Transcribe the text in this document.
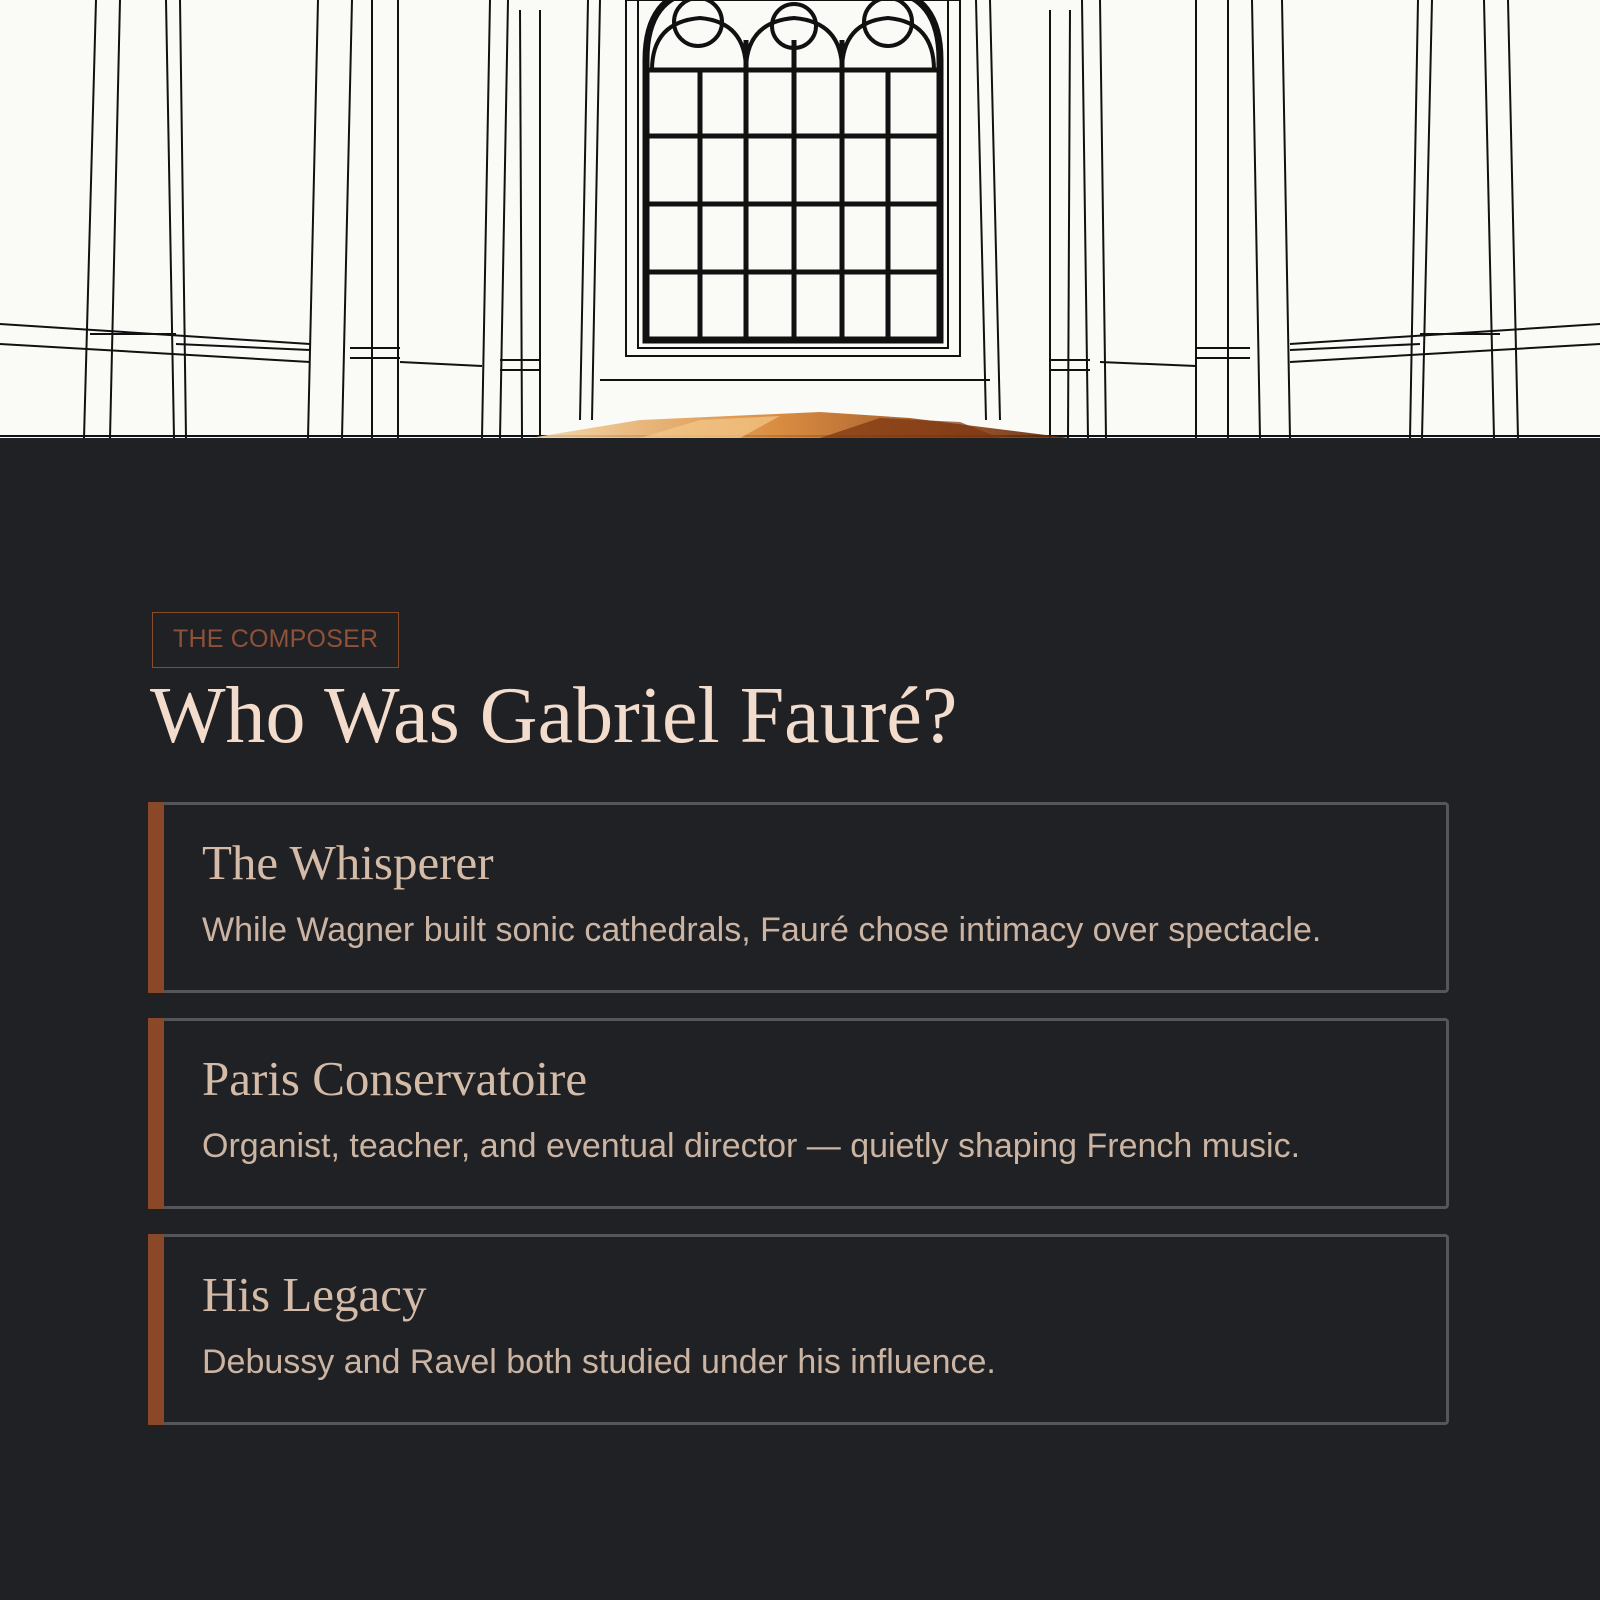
THE COMPOSER
Who Was Gabriel Fauré?
The Whisperer
While Wagner built sonic cathedrals, Fauré chose intimacy over spectacle.
Paris Conservatoire
Organist, teacher, and eventual director — quietly shaping French music.
His Legacy
Debussy and Ravel both studied under his influence.
